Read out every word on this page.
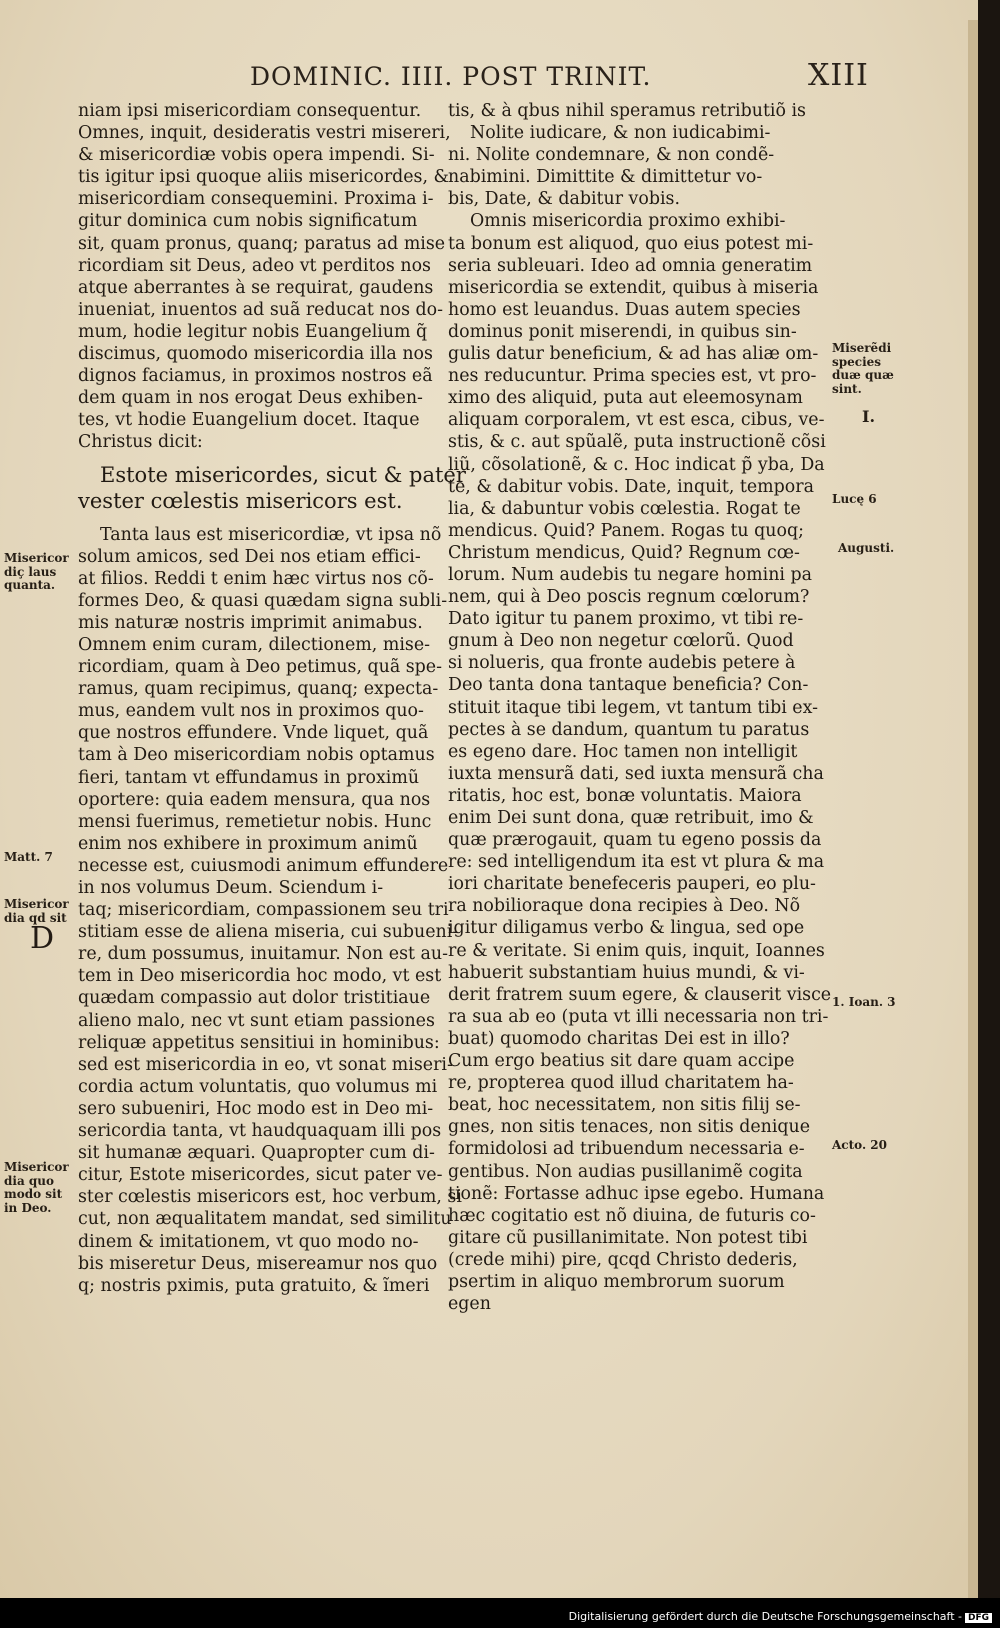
DOMINIC. IIII. POST TRINIT.	XIII
niam ipsi misericordiam consequentur.
Omnes, inquit, desideratis vestri misereri,
& misericordiæ vobis opera impendi. Si-
tis igitur ipsi quoque aliis misericordes, &
misericordiam consequemini. Proxima i-
gitur dominica cum nobis significatum
sit, quam pronus, quanq; paratus ad mise
ricordiam sit Deus, adeo vt perditos nos
atque aberrantes à se requirat, gaudens
inueniat, inuentos ad suã reducat nos do-
mum, hodie legitur nobis Euangelium q̃
discimus, quomodo misericordia illa nos
dignos faciamus, in proximos nostros eã
dem quam in nos erogat Deus exhiben-
tes, vt hodie Euangelium docet. Itaque
Christus dicit:
Estote misericordes, sicut & pater
vester cœlestis misericors est.
Tanta laus est misericordiæ, vt ipsa nõ
solum amicos, sed Dei nos etiam effici-
at filios. Reddi t enim hæc virtus nos cõ-
formes Deo, & quasi quædam signa subli-
mis naturæ nostris imprimit animabus.
Omnem enim curam, dilectionem, mise-
ricordiam, quam à Deo petimus, quã spe-
ramus, quam recipimus, quanq; expecta-
mus, eandem vult nos in proximos quo-
que nostros effundere. Vnde liquet, quã
tam à Deo misericordiam nobis optamus
fieri, tantam vt effundamus in proximũ
oportere: quia eadem mensura, qua nos
mensi fuerimus, remetietur nobis. Hunc
enim nos exhibere in proximum animũ
necesse est, cuiusmodi animum effundere
in nos volumus Deum. Sciendum i-
taq; misericordiam, compassionem seu tri
stitiam esse de aliena miseria, cui subueni-
re, dum possumus, inuitamur. Non est au-
tem in Deo misericordia hoc modo, vt est
quædam compassio aut dolor tristitiaue
alieno malo, nec vt sunt etiam passiones
reliquæ appetitus sensitiui in hominibus:
sed est misericordia in eo, vt sonat miseri-
cordia actum voluntatis, quo volumus mi
sero subueniri, Hoc modo est in Deo mi-
sericordia tanta, vt haudquaquam illi pos
sit humanæ æquari. Quapropter cum di-
citur, Estote misericordes, sicut pater ve-
ster cœlestis misericors est, hoc verbum, si
cut, non æqualitatem mandat, sed similitu
dinem & imitationem, vt quo modo no-
bis miseretur Deus, misereamur nos quo
q; nostris pximis, puta gratuito, & ĩmeri
tis, & à qbus nihil speramus retributiõ is
Nolite iudicare, & non iudicabimi-
ni. Nolite condemnare, & non condẽ-
nabimini. Dimittite & dimittetur vo-
bis, Date, & dabitur vobis.
Omnis misericordia proximo exhibi-
ta bonum est aliquod, quo eius potest mi-
seria subleuari. Ideo ad omnia generatim
misericordia se extendit, quibus à miseria
homo est leuandus. Duas autem species
dominus ponit miserendi, in quibus sin-
gulis datur beneficium, & ad has aliæ om-
nes reducuntur. Prima species est, vt pro-
ximo des aliquid, puta aut eleemosynam
aliquam corporalem, vt est esca, cibus, ve-
stis, & c. aut spũalẽ, puta instructionẽ cõsi
liũ, cõsolationẽ, & c. Hoc indicat p̃ yba, Da
te, & dabitur vobis. Date, inquit, tempora
lia, & dabuntur vobis cœlestia. Rogat te
mendicus. Quid? Panem. Rogas tu quoq;
Christum mendicus, Quid? Regnum cœ-
lorum. Num audebis tu negare homini pa
nem, qui à Deo poscis regnum cœlorum?
Dato igitur tu panem proximo, vt tibi re-
gnum à Deo non negetur cœlorũ. Quod
si nolueris, qua fronte audebis petere à
Deo tanta dona tantaque beneficia? Con-
stituit itaque tibi legem, vt tantum tibi ex-
pectes à se dandum, quantum tu paratus
es egeno dare. Hoc tamen non intelligit
iuxta mensurã dati, sed iuxta mensurã cha
ritatis, hoc est, bonæ voluntatis. Maiora
enim Dei sunt dona, quæ retribuit, imo &
quæ prærogauit, quam tu egeno possis da
re: sed intelligendum ita est vt plura & ma
iori charitate benefeceris pauperi, eo plu-
ra nobilioraque dona recipies à Deo. Nõ
igitur diligamus verbo & lingua, sed ope
re & veritate. Si enim quis, inquit, Ioannes
habuerit substantiam huius mundi, & vi-
derit fratrem suum egere, & clauserit visce
ra sua ab eo (puta vt illi necessaria non tri-
buat) quomodo charitas Dei est in illo?
Cum ergo beatius sit dare quam accipe
re, propterea quod illud charitatem ha-
beat, hoc necessitatem, non sitis filij se-
gnes, non sitis tenaces, non sitis denique
formidolosi ad tribuendum necessaria e-
gentibus. Non audias pusillanimẽ cogita
tionẽ: Fortasse adhuc ipse egebo. Humana
hæc cogitatio est nõ diuina, de futuris co-
gitare cũ pusillanimitate. Non potest tibi
(crede mihi) pire, qcqd Christo dederis,
psertim in aliquo membrorum suorum
egen
Misericor
diç laus
quanta.
Matt. 7
Misericor
dia qd sit
D
Misericor
dia quo
modo sit
in Deo.
Miserẽdi
species
duæ quæ
sint.
I.
Lucę 6
Augusti.
1. Ioan. 3
Acto. 20
Digitalisierung gefördert durch die Deutsche Forschungsgemeinschaft - DFG
